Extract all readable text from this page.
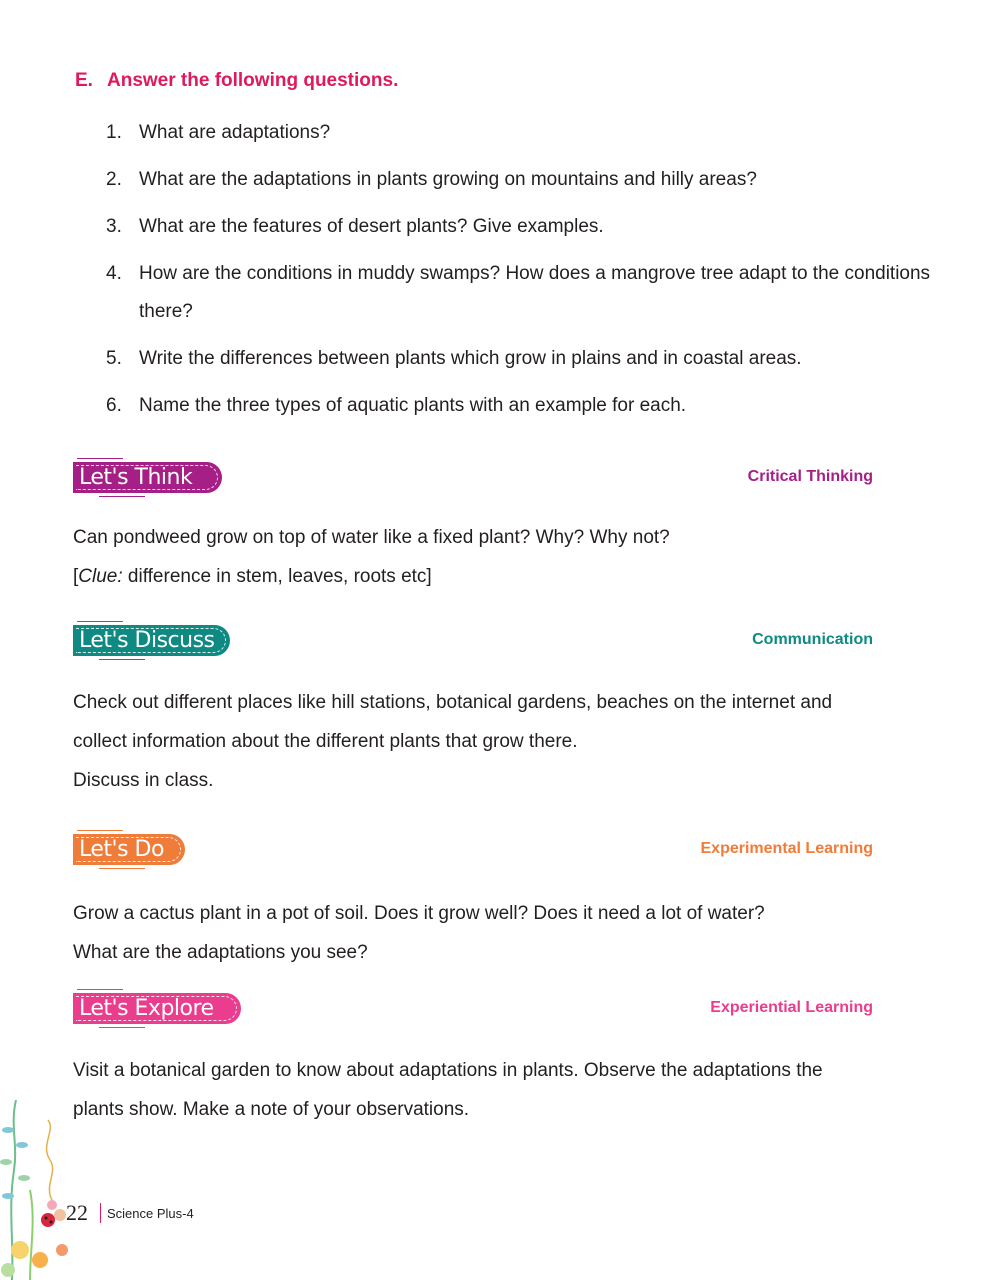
E. Answer the following questions.
1. What are adaptations?
2. What are the adaptations in plants growing on mountains and hilly areas?
3. What are the features of desert plants? Give examples.
4. How are the conditions in muddy swamps? How does a mangrove tree adapt to the conditions there?
5. Write the differences between plants which grow in plains and in coastal areas.
6. Name the three types of aquatic plants with an example for each.
Let's Think	Critical Thinking

Can pondweed grow on top of water like a fixed plant? Why? Why not?

[Clue: difference in stem, leaves, roots etc]

Let's Discuss	Communication

Check out different places like hill stations, botanical gardens, beaches on the internet and

collect information about the different plants that grow there.

Discuss in class.

Let's Do	Experimental Learning

Grow a cactus plant in a pot of soil. Does it grow well? Does it need a lot of water?

What are the adaptations you see?

Let's Explore	Experiential Learning

Visit a botanical garden to know about adaptations in plants. Observe the adaptations the

plants show. Make a note of your observations.

22 Science Plus-4
